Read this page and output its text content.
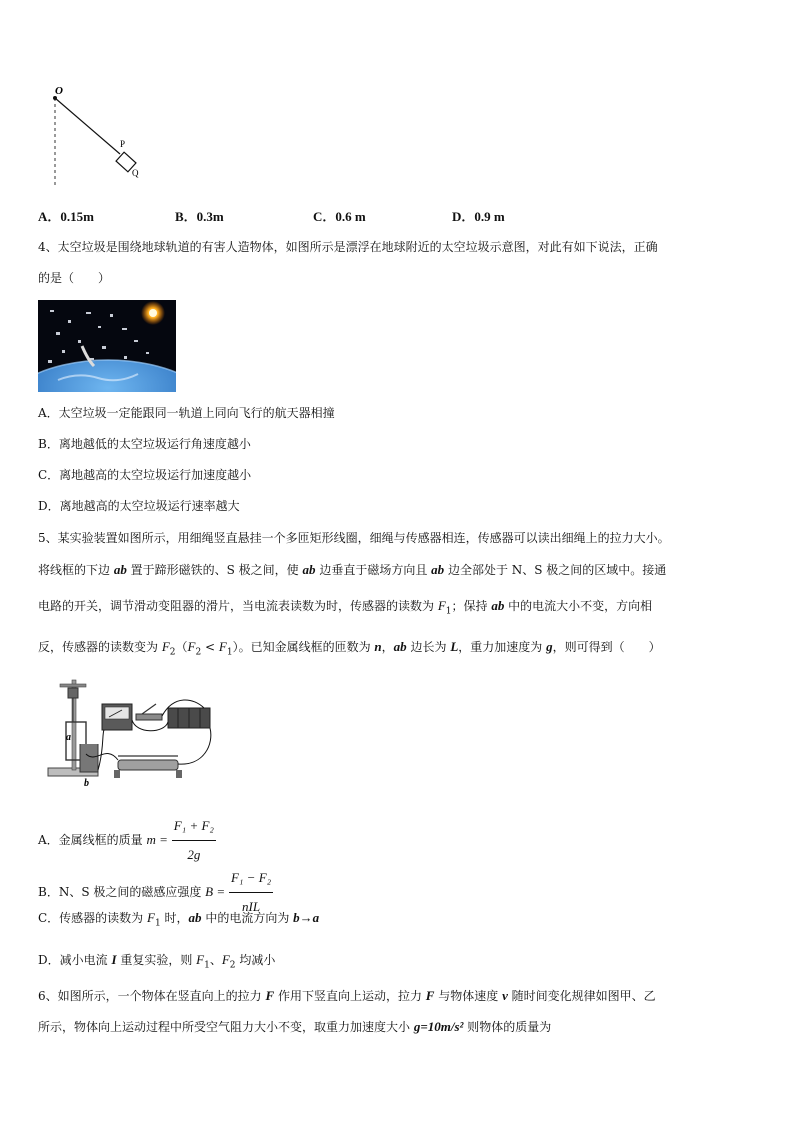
O
P
Q
A．0.15m	B．0.3m	C．0.6 m	D．0.9 m
4、太空垃圾是围绕地球轨道的有害人造物体，如图所示是漂浮在地球附近的太空垃圾示意图，对此有如下说法，正确
的是（　　）
A．太空垃圾一定能跟同一轨道上同向飞行的航天器相撞
B．离地越低的太空垃圾运行角速度越小
C．离地越高的太空垃圾运行加速度越小
D．离地越高的太空垃圾运行速率越大
5、某实验装置如图所示，用细绳竖直悬挂一个多匝矩形线圈，细绳与传感器相连，传感器可以读出细绳上的拉力大小。
将线框的下边 ab 置于蹄形磁铁的、S 极之间，使 ab 边垂直于磁场方向且 ab 边全部处于 N、S 极之间的区域中。接通
电路的开关，调节滑动变阻器的滑片，当电流表读数为时，传感器的读数为 $F_1$；保持 ab 中的电流大小不变，方向相
反，传感器的读数变为 $F_2(F_2 < F_1)$。已知金属线框的匝数为 n，ab 边长为 L，重力加速度为 g，则可得到（　　）
a
b
A．金属线框的质量 $m = \frac{\text{F₁ + F₂}}{2g}$
B．N、S 极之间的磁感应强度 $B = \frac{\text{F₁ − F₂}}{\text{nIL}}$
C．传感器的读数为 $F_1$ 时，ab 中的电流方向为 b→a
D．减小电流 I 重复实验，则 $F_1$、$F_2$ 均减小
6、如图所示，一个物体在竖直向上的拉力 F 作用下竖直向上运动，拉力 F 与物体速度 v 随时间变化规律如图甲、乙
所示，物体向上运动过程中所受空气阻力大小不变，取重力加速度大小 g=10m/s² 则物体的质量为
